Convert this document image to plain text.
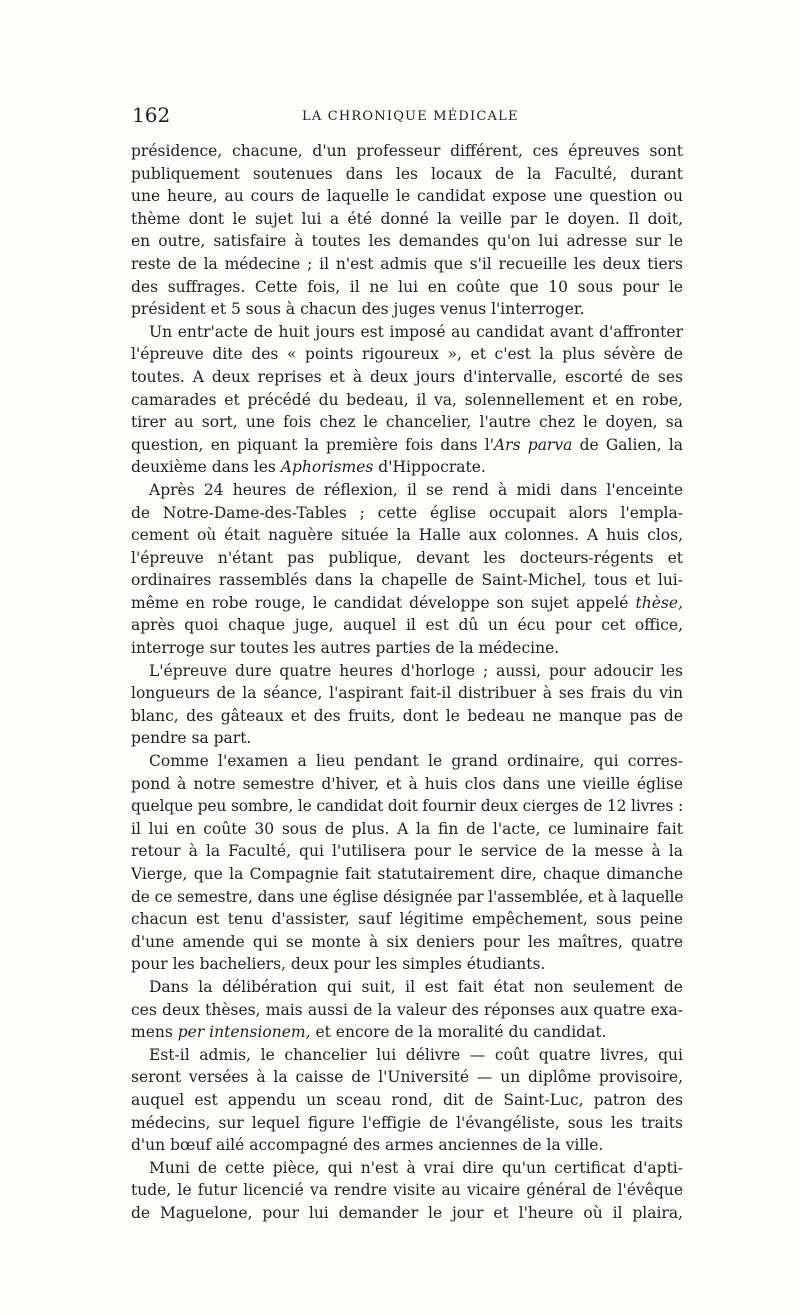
162	LA CHRONIQUE MÉDICALE
présidence, chacune, d'un professeur différent, ces épreuves sont
publiquement soutenues dans les locaux de la Faculté, durant
une heure, au cours de laquelle le candidat expose une question ou
thème dont le sujet lui a été donné la veille par le doyen. Il doit,
en outre, satisfaire à toutes les demandes qu'on lui adresse sur le
reste de la médecine ; il n'est admis que s'il recueille les deux tiers
des suffrages. Cette fois, il ne lui en coûte que 10 sous pour le
président et 5 sous à chacun des juges venus l'interroger.
Un entr'acte de huit jours est imposé au candidat avant d'affronter
l'épreuve dite des « points rigoureux », et c'est la plus sévère de
toutes. A deux reprises et à deux jours d'intervalle, escorté de ses
camarades et précédé du bedeau, il va, solennellement et en robe,
tirer au sort, une fois chez le chancelier, l'autre chez le doyen, sa
question, en piquant la première fois dans l'Ars parva de Galien, la
deuxième dans les Aphorismes d'Hippocrate.
Après 24 heures de réflexion, il se rend à midi dans l'enceinte
de Notre-Dame-des-Tables ; cette église occupait alors l'empla-
cement où était naguère située la Halle aux colonnes. A huis clos,
l'épreuve n'étant pas publique, devant les docteurs-régents et
ordinaires rassemblés dans la chapelle de Saint-Michel, tous et lui-
même en robe rouge, le candidat développe son sujet appelé thèse,
après quoi chaque juge, auquel il est dû un écu pour cet office,
interroge sur toutes les autres parties de la médecine.
L'épreuve dure quatre heures d'horloge ; aussi, pour adoucir les
longueurs de la séance, l'aspirant fait-il distribuer à ses frais du vin
blanc, des gâteaux et des fruits, dont le bedeau ne manque pas de
pendre sa part.
Comme l'examen a lieu pendant le grand ordinaire, qui corres-
pond à notre semestre d'hiver, et à huis clos dans une vieille église
quelque peu sombre, le candidat doit fournir deux cierges de 12 livres :
il lui en coûte 30 sous de plus. A la fin de l'acte, ce luminaire fait
retour à la Faculté, qui l'utilisera pour le service de la messe à la
Vierge, que la Compagnie fait statutairement dire, chaque dimanche
de ce semestre, dans une église désignée par l'assemblée, et à laquelle
chacun est tenu d'assister, sauf légitime empêchement, sous peine
d'une amende qui se monte à six deniers pour les maîtres, quatre
pour les bacheliers, deux pour les simples étudiants.
Dans la délibération qui suit, il est fait état non seulement de
ces deux thèses, mais aussi de la valeur des réponses aux quatre exa-
mens per intensionem, et encore de la moralité du candidat.
Est-il admis, le chancelier lui délivre — coût quatre livres, qui
seront versées à la caisse de l'Université — un diplôme provisoire,
auquel est appendu un sceau rond, dit de Saint-Luc, patron des
médecins, sur lequel figure l'effigie de l'évangéliste, sous les traits
d'un bœuf ailé accompagné des armes anciennes de la ville.
Muni de cette pièce, qui n'est à vrai dire qu'un certificat d'apti-
tude, le futur licencié va rendre visite au vicaire général de l'évêque
de Maguelone, pour lui demander le jour et l'heure où il plaira,
